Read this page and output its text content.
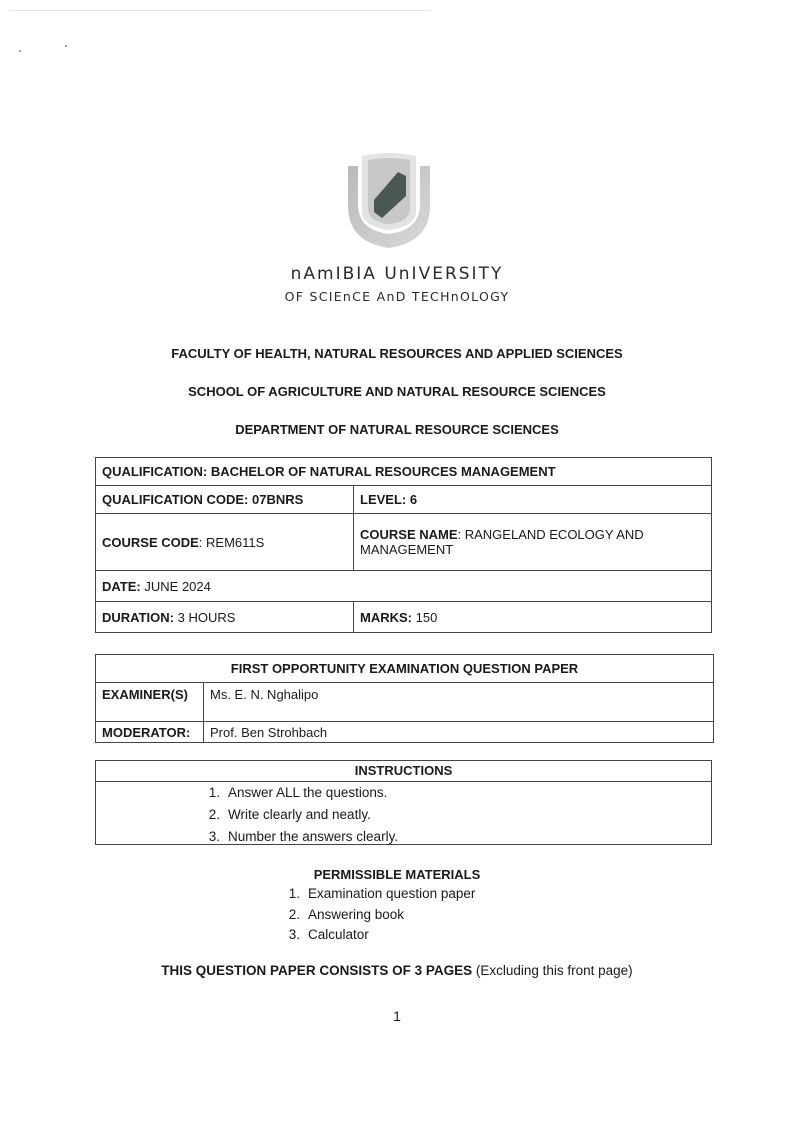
nAmIBIA UnIVERSITY
OF SCIEnCE AnD TECHnOLOGY
FACULTY OF HEALTH, NATURAL RESOURCES AND APPLIED SCIENCES
SCHOOL OF AGRICULTURE AND NATURAL RESOURCE SCIENCES
DEPARTMENT OF NATURAL RESOURCE SCIENCES
QUALIFICATION: BACHELOR OF NATURAL RESOURCES MANAGEMENT	
QUALIFICATION CODE: 07BNRS	LEVEL: 6
COURSE CODE: REM611S	COURSE NAME: RANGELAND ECOLOGY AND MANAGEMENT
DATE: JUNE 2024	
DURATION: 3 HOURS	MARKS: 150
FIRST OPPORTUNITY EXAMINATION QUESTION PAPER	
EXAMINER(S)	Ms. E. N. Nghalipo
MODERATOR:	Prof. Ben Strohbach
INSTRUCTIONS
1. Answer ALL the questions.
2. Write clearly and neatly.
3. Number the answers clearly.
PERMISSIBLE MATERIALS
1. Examination question paper
2. Answering book
3. Calculator
THIS QUESTION PAPER CONSISTS OF 3 PAGES (Excluding this front page)
1
